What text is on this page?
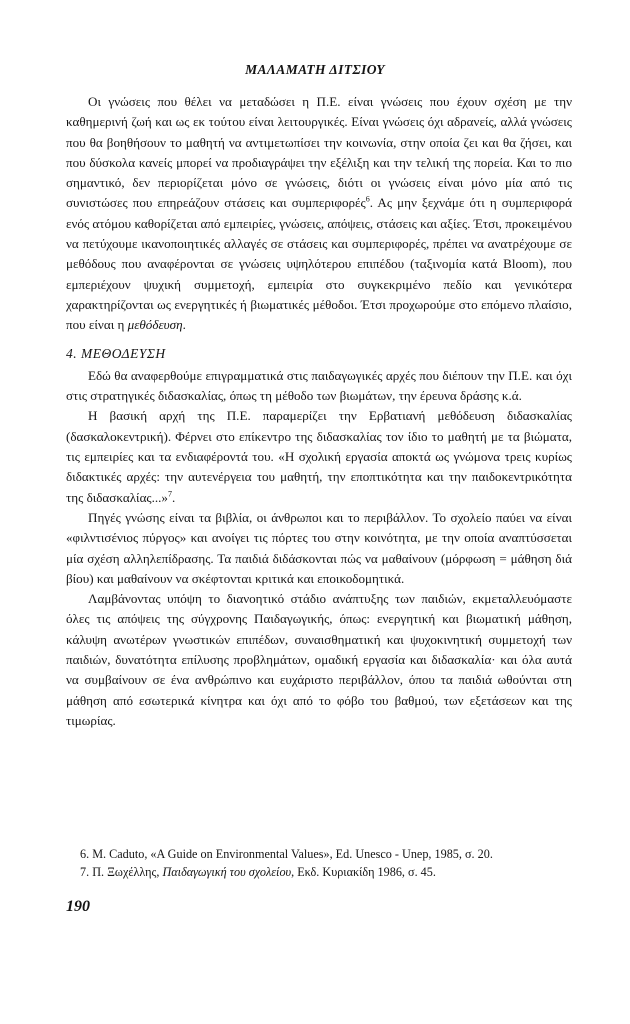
ΜΑΛΑΜΑΤΗ ΔΙΤΣΙΟΥ

Οι γνώσεις που θέλει να μεταδώσει η Π.Ε. είναι γνώσεις που έχουν σχέση με την καθημερινή ζωή και ως εκ τούτου είναι λειτουργικές. Είναι γνώσεις όχι αδρανείς, αλλά γνώσεις που θα βοηθήσουν το μαθητή να αντιμετωπίσει την κοινωνία, στην οποία ζει και θα ζήσει, και που δύσκολα κανείς μπορεί να προδιαγράψει την εξέλιξη και την τελική της πορεία. Και το πιο σημαντικό, δεν περιορίζεται μόνο σε γνώσεις, διότι οι γνώσεις είναι μόνο μία από τις συνιστώσες που επηρεάζουν στάσεις και συμπεριφορές$^6$. Ας μην ξεχνάμε ότι η συμπεριφορά ενός ατόμου καθορίζεται από εμπειρίες, γνώσεις, απόψεις, στάσεις και αξίες. Έτσι, προκειμένου να πετύχουμε ικανοποιητικές αλλαγές σε στάσεις και συμπεριφορές, πρέπει να ανατρέχουμε σε μεθόδους που αναφέρονται σε γνώσεις υψηλότερου επιπέδου (ταξινομία κατά Bloom), που εμπεριέχουν ψυχική συμμετοχή, εμπειρία στο συγκεκριμένο πεδίο και γενικότερα χαρακτηρίζονται ως ενεργητικές ή βιωματικές μέθοδοι. Έτσι προχωρούμε στο επόμενο πλαίσιο, που είναι η μεθόδευση.

4. ΜΕΘΟΔΕΥΣΗ

Εδώ θα αναφερθούμε επιγραμματικά στις παιδαγωγικές αρχές που διέπουν την Π.Ε. και όχι στις στρατηγικές διδασκαλίας, όπως τη μέθοδο των βιωμάτων, την έρευνα δράσης κ.ά.

Η βασική αρχή της Π.Ε. παραμερίζει την Ερβατιανή μεθόδευση διδασκαλίας (δασκαλοκεντρική). Φέρνει στο επίκεντρο της διδασκαλίας τον ίδιο το μαθητή με τα βιώματα, τις εμπειρίες και τα ενδιαφέροντά του. «Η σχολική εργασία αποκτά ως γνώμονα τρεις κυρίως διδακτικές αρχές: την αυτενέργεια του μαθητή, την εποπτικότητα και την παιδοκεντρικότητα της διδασκαλίας...»$^7$.

Πηγές γνώσης είναι τα βιβλία, οι άνθρωποι και το περιβάλλον. Το σχολείο παύει να είναι «φιλντισένιος πύργος» και ανοίγει τις πόρτες του στην κοινότητα, με την οποία αναπτύσσεται μία σχέση αλληλεπίδρασης. Τα παιδιά διδάσκονται πώς να μαθαίνουν (μόρφωση = μάθηση διά βίου) και μαθαίνουν να σκέφτονται κριτικά και εποικοδομητικά.

Λαμβάνοντας υπόψη το διανοητικό στάδιο ανάπτυξης των παιδιών, εκμεταλλευόμαστε όλες τις απόψεις της σύγχρονης Παιδαγωγικής, όπως: ενεργητική και βιωματική μάθηση, κάλυψη ανωτέρων γνωστικών επιπέδων, συναισθηματική και ψυχοκινητική συμμετοχή των παιδιών, δυνατότητα επίλυσης προβλημάτων, ομαδική εργασία και διδασκαλία· και όλα αυτά να συμβαίνουν σε ένα ανθρώπινο και ευχάριστο περιβάλλον, όπου τα παιδιά ωθούνται στη μάθηση από εσωτερικά κίνητρα και όχι από το φόβο του βαθμού, των εξετάσεων και της τιμωρίας.

6. M. Caduto, «A Guide on Environmental Values», Ed. Unesco - Unep, 1985, σ. 20.

7. Π. Ξωχέλλης, Παιδαγωγική του σχολείου, Εκδ. Κυριακίδη 1986, σ. 45.

190
